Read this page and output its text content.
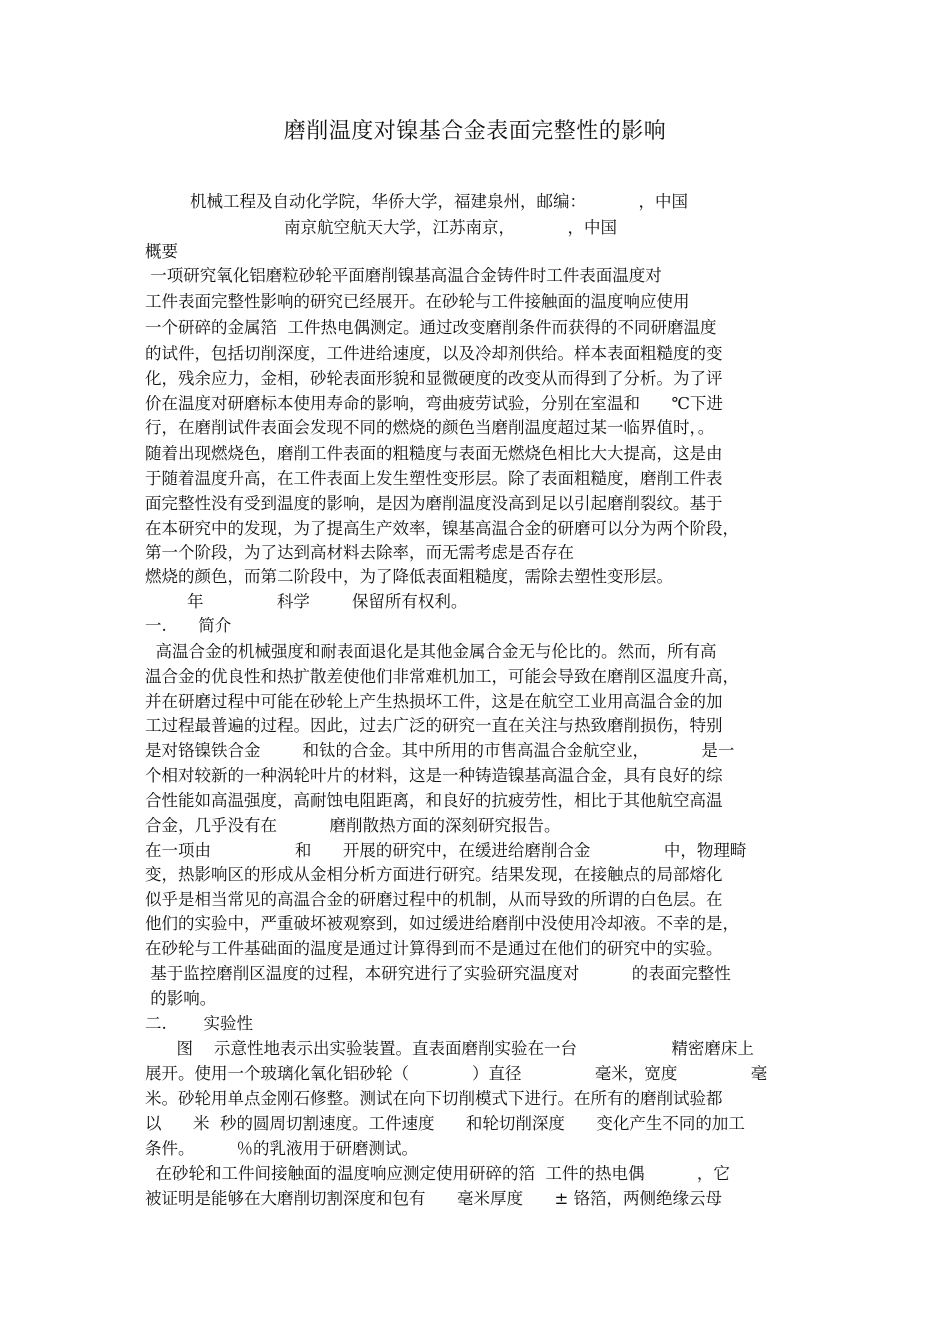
磨削温度对镍基合金表面完整性的影响
机械工程及自动化学院，华侨大学，福建泉州，邮编：          ，中国
南京航空航天大学，江苏南京，          ，中国
概要
一项研究氧化铝磨粒砂轮平面磨削镍基高温合金铸件时工件表面温度对
工件表面完整性影响的研究已经展开。在砂轮与工件接触面的温度响应使用
一个研碎的金属箔  工件热电偶测定。通过改变磨削条件而获得的不同研磨温度
的试件，包括切削深度，工件进给速度，以及冷却剂供给。样本表面粗糙度的变
化，残余应力，金相，砂轮表面形貌和显微硬度的改变从而得到了分析。为了评
价在温度对研磨标本使用寿命的影响，弯曲疲劳试验，分别在室温和      ℃下进
行，在磨削试件表面会发现不同的燃烧的颜色当磨削温度超过某一临界值时，。
随着出现燃烧色，磨削工件表面的粗糙度与表面无燃烧色相比大大提高，这是由
于随着温度升高，在工件表面上发生塑性变形层。除了表面粗糙度，磨削工件表
面完整性没有受到温度的影响，是因为磨削温度没高到足以引起磨削裂纹。基于
在本研究中的发现，为了提高生产效率，镍基高温合金的研磨可以分为两个阶段，
第一个阶段，为了达到高材料去除率，而无需考虑是否存在
燃烧的颜色，而第二阶段中，为了降低表面粗糙度，需除去塑性变形层。
年              科学        保留所有权利。
一.      简介
高温合金的机械强度和耐表面退化是其他金属合金无与伦比的。然而，所有高
温合金的优良性和热扩散差使他们非常难机加工，可能会导致在磨削区温度升高，
并在研磨过程中可能在砂轮上产生热损坏工件，这是在航空工业用高温合金的加
工过程最普遍的过程。因此，过去广泛的研究一直在关注与热致磨削损伤，特别
是对铬镍铁合金        和钛的合金。其中所用的市售高温合金航空业，          是一
个相对较新的一种涡轮叶片的材料，这是一种铸造镍基高温合金，具有良好的综
合性能如高温强度，高耐蚀电阻距离，和良好的抗疲劳性，相比于其他航空高温
合金，几乎没有在          磨削散热方面的深刻研究报告。
在一项由                和      开展的研究中，在缓进给磨削合金              中，物理畸
变，热影响区的形成从金相分析方面进行研究。结果发现，在接触点的局部熔化
似乎是相当常见的高温合金的研磨过程中的机制，从而导致的所谓的白色层。在
他们的实验中，严重破坏被观察到，如过缓进给磨削中没使用冷却液。不幸的是，
在砂轮与工件基础面的温度是通过计算得到而不是通过在他们的研究中的实验。
基于监控磨削区温度的过程，本研究进行了实验研究温度对          的表面完整性
的影响。
二.       实验性
图    示意性地表示出实验装置。直表面磨削实验在一台                  精密磨床上
展开。使用一个玻璃化氧化铝砂轮（            ）直径              毫米，宽度              毫
米。砂轮用单点金刚石修整。测试在向下切削模式下进行。在所有的磨削试验都
以      米  秒的圆周切割速度。工件速度      和轮切削深度      变化产生不同的加工
条件。        ％的乳液用于研磨测试。
在砂轮和工件间接触面的温度响应测定使用研碎的箔  工件的热电偶          ，它
被证明是能够在大磨削切割深度和包有      毫米厚度      ± 铬箔，两侧绝缘云母
